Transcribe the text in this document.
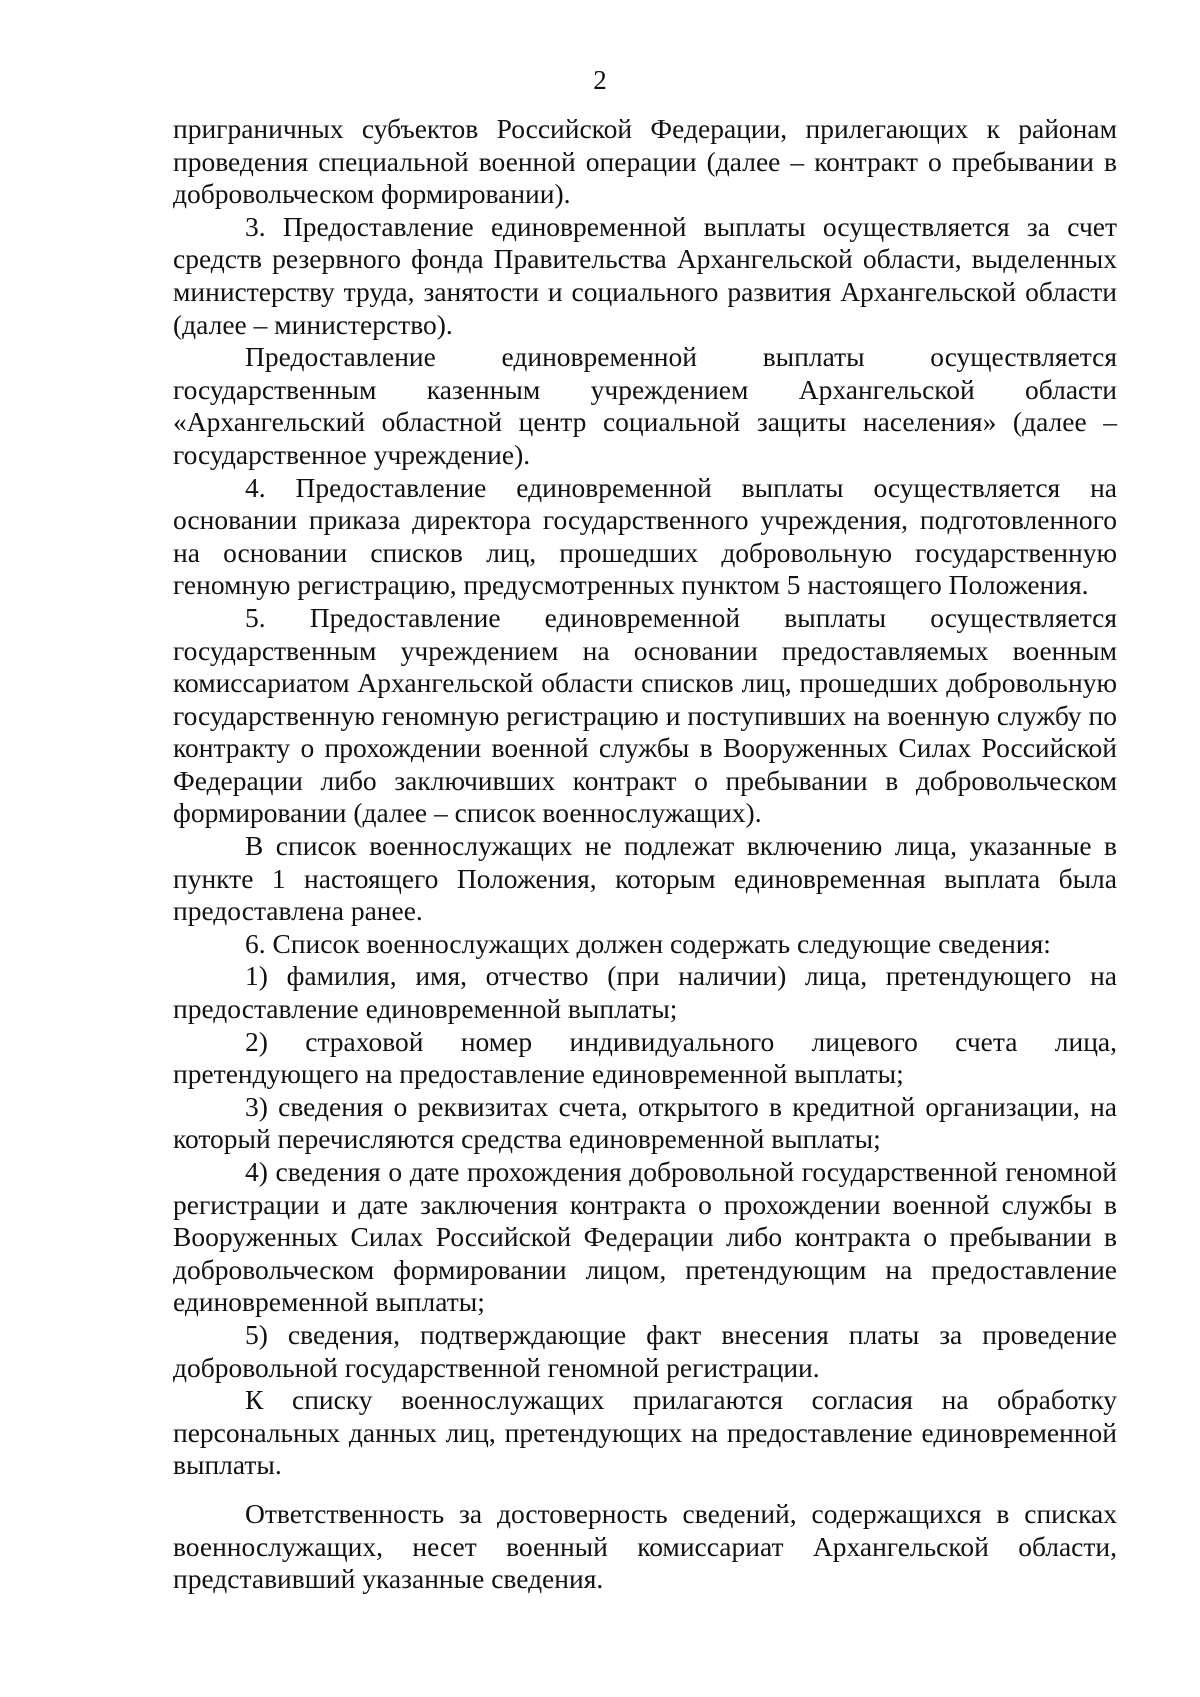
2

приграничных субъектов Российской Федерации, прилегающих к районам проведения специальной военной операции (далее – контракт о пребывании в добровольческом формировании).

3. Предоставление единовременной выплаты осуществляется за счет средств резервного фонда Правительства Архангельской области, выделенных министерству труда, занятости и социального развития Архангельской области (далее – министерство).

Предоставление единовременной выплаты осуществляется государственным казенным учреждением Архангельской области «Архангельский областной центр социальной защиты населения» (далее – государственное учреждение).

4. Предоставление единовременной выплаты осуществляется на основании приказа директора государственного учреждения, подготовленного на основании списков лиц, прошедших добровольную государственную геномную регистрацию, предусмотренных пунктом 5 настоящего Положения.

5. Предоставление единовременной выплаты осуществляется государственным учреждением на основании предоставляемых военным комиссариатом Архангельской области списков лиц, прошедших добровольную государственную геномную регистрацию и поступивших на военную службу по контракту о прохождении военной службы в Вооруженных Силах Российской Федерации либо заключивших контракт о пребывании в добровольческом формировании (далее – список военнослужащих).

В список военнослужащих не подлежат включению лица, указанные в пункте 1 настоящего Положения, которым единовременная выплата была предоставлена ранее.

6. Список военнослужащих должен содержать следующие сведения:

1) фамилия, имя, отчество (при наличии) лица, претендующего на предоставление единовременной выплаты;

2) страховой номер индивидуального лицевого счета лица, претендующего на предоставление единовременной выплаты;

3) сведения о реквизитах счета, открытого в кредитной организации, на который перечисляются средства единовременной выплаты;

4) сведения о дате прохождения добровольной государственной геномной регистрации и дате заключения контракта о прохождении военной службы в Вооруженных Силах Российской Федерации либо контракта о пребывании в добровольческом формировании лицом, претендующим на предоставление единовременной выплаты;

5) сведения, подтверждающие факт внесения платы за проведение добровольной государственной геномной регистрации.

К списку военнослужащих прилагаются согласия на обработку персональных данных лиц, претендующих на предоставление единовременной выплаты.

Ответственность за достоверность сведений, содержащихся в списках военнослужащих, несет военный комиссариат Архангельской области, представивший указанные сведения.
